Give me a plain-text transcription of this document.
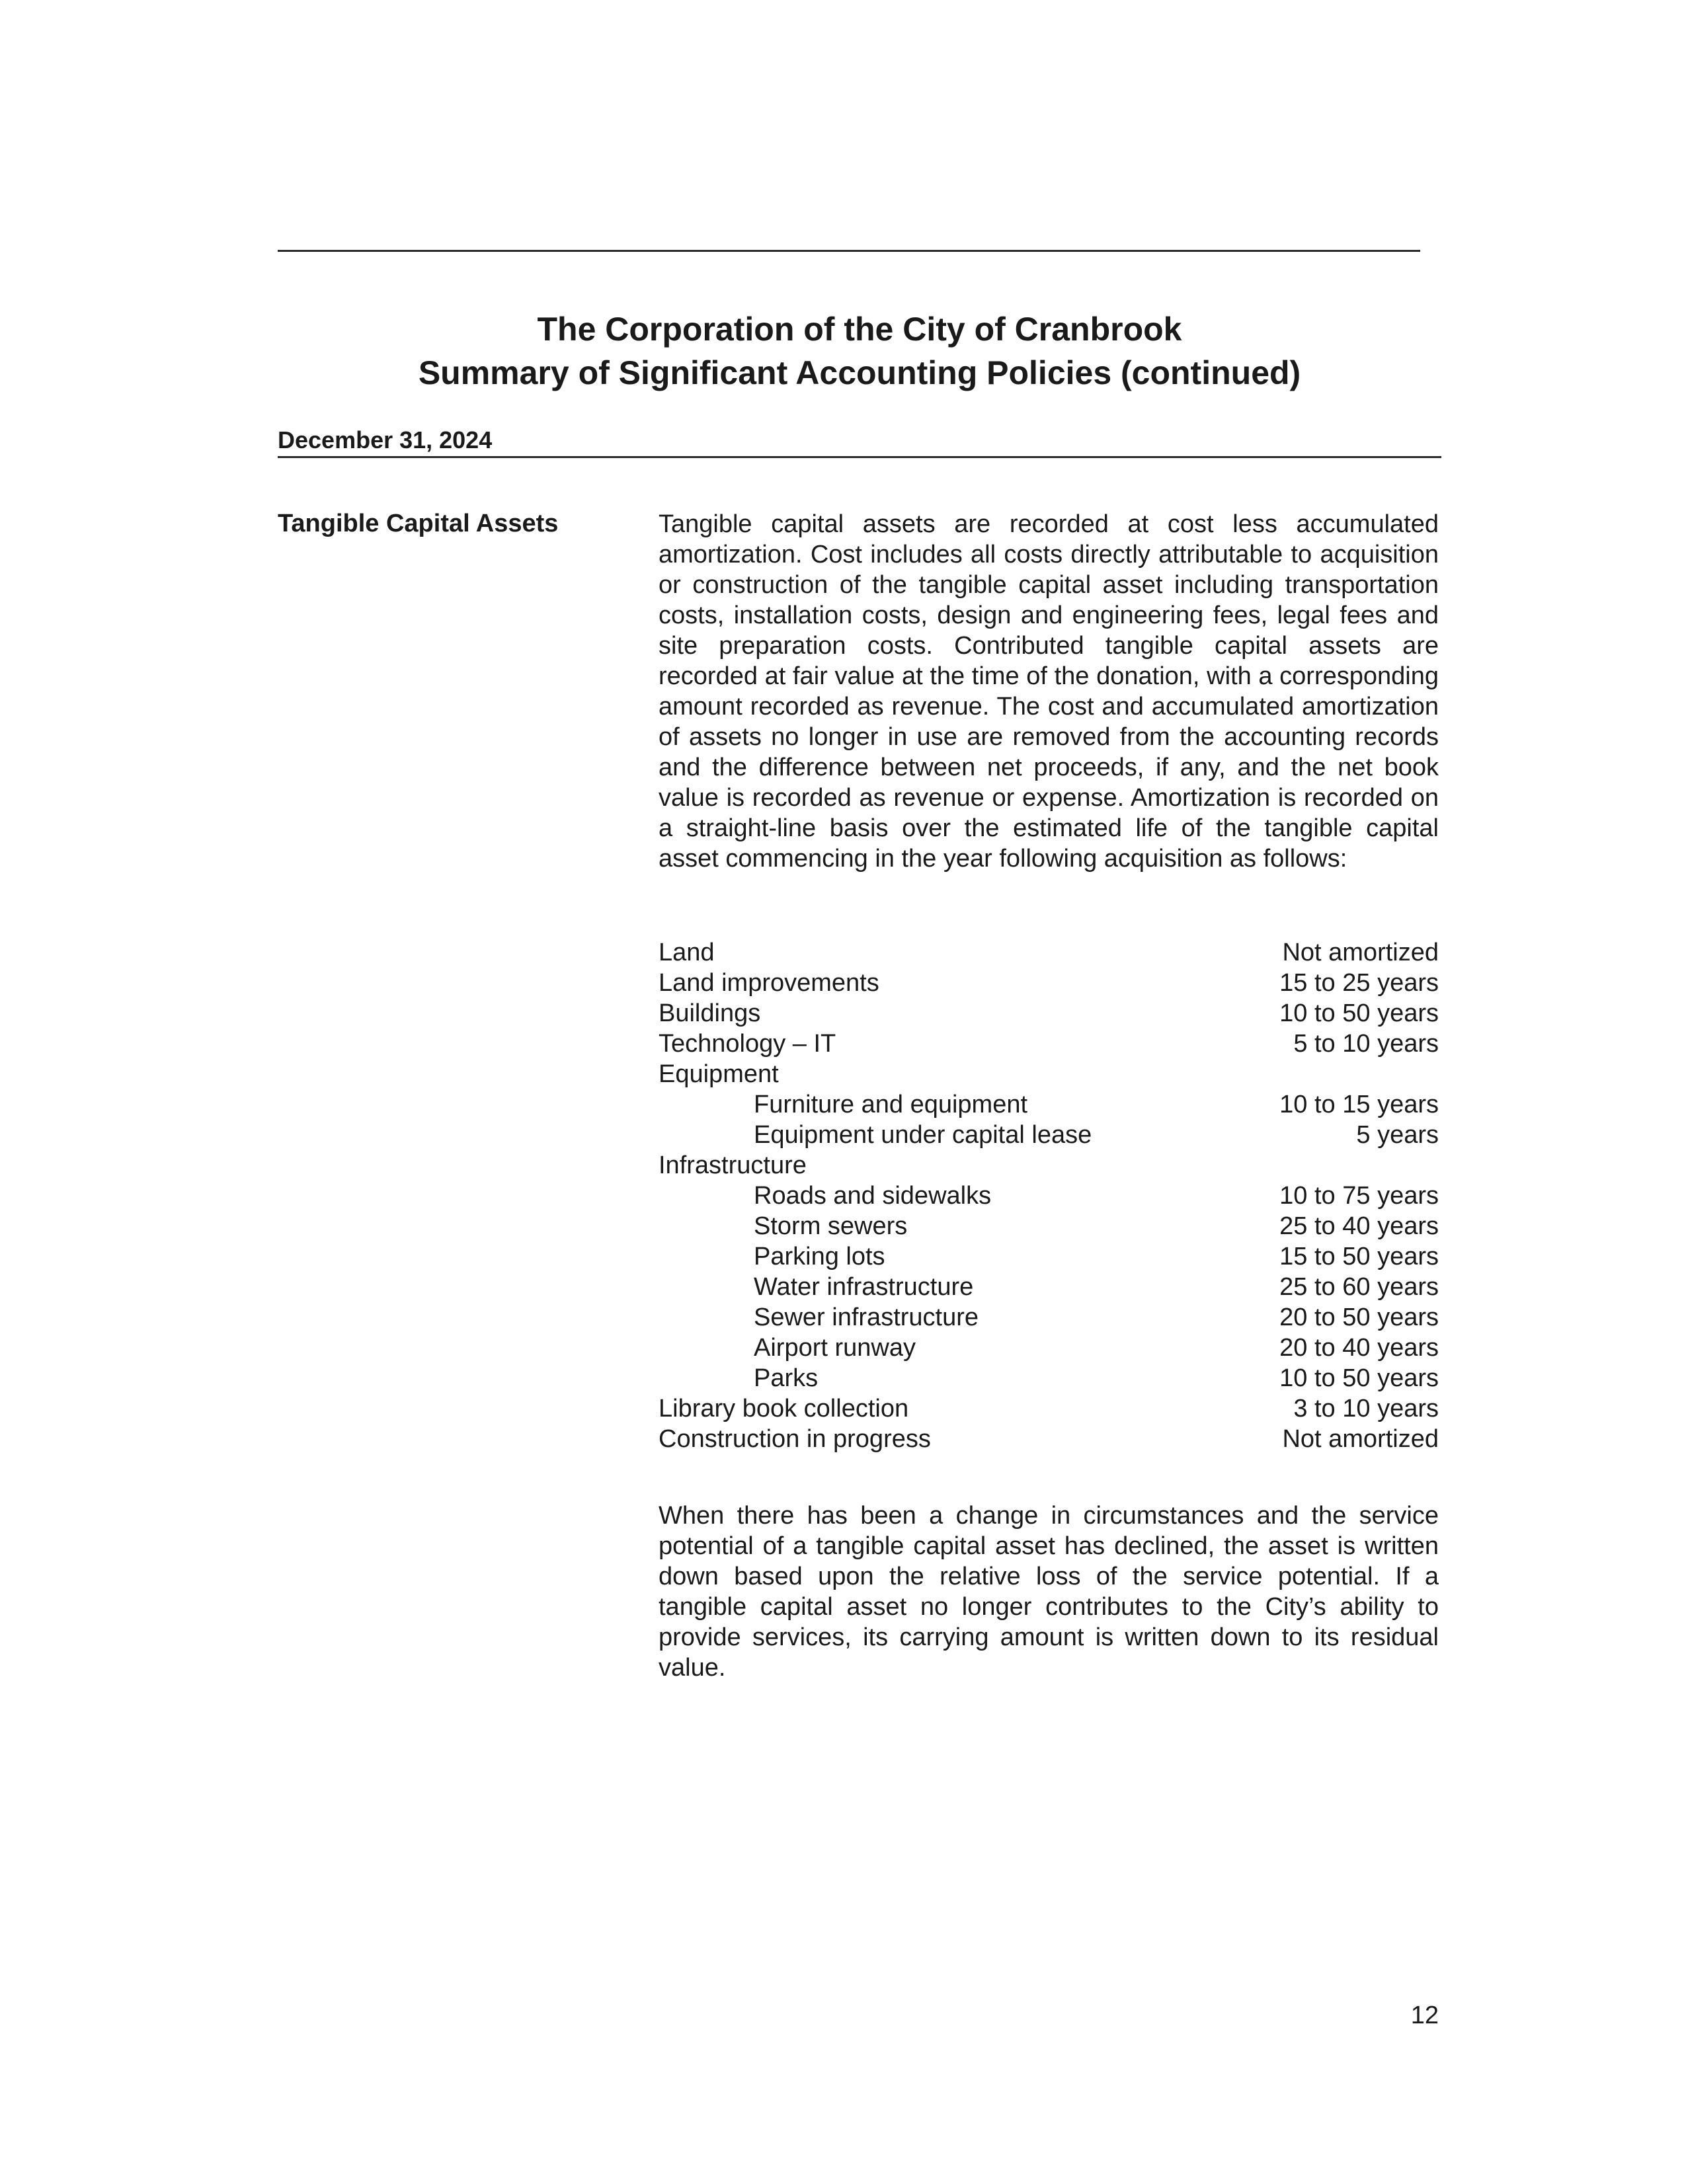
The Corporation of the City of Cranbrook
Summary of Significant Accounting Policies (continued)
December 31, 2024
Tangible Capital Assets	Tangible capital assets are recorded at cost less accumulated amortization. Cost includes all costs directly attributable to acquisition or construction of the tangible capital asset including transportation costs, installation costs, design and engineering fees, legal fees and site preparation costs. Contributed tangible capital assets are recorded at fair value at the time of the donation, with a corresponding amount recorded as revenue. The cost and accumulated amortization of assets no longer in use are removed from the accounting records and the difference between net proceeds, if any, and the net book value is recorded as revenue or expense. Amortization is recorded on a straight-line basis over the estimated life of the tangible capital asset commencing in the year following acquisition as follows:

Land	Not amortized
Land improvements	15 to 25 years
Buildings	10 to 50 years
Technology – IT	5 to 10 years
Equipment
Furniture and equipment	10 to 15 years
Equipment under capital lease	5 years
Infrastructure
Roads and sidewalks	10 to 75 years
Storm sewers	25 to 40 years
Parking lots	15 to 50 years
Water infrastructure	25 to 60 years
Sewer infrastructure	20 to 50 years
Airport runway	20 to 40 years
Parks	10 to 50 years
Library book collection	3 to 10 years
Construction in progress	Not amortized

When there has been a change in circumstances and the service potential of a tangible capital asset has declined, the asset is written down based upon the relative loss of the service potential. If a tangible capital asset no longer contributes to the City’s ability to provide services, its carrying amount is written down to its residual value.

12
